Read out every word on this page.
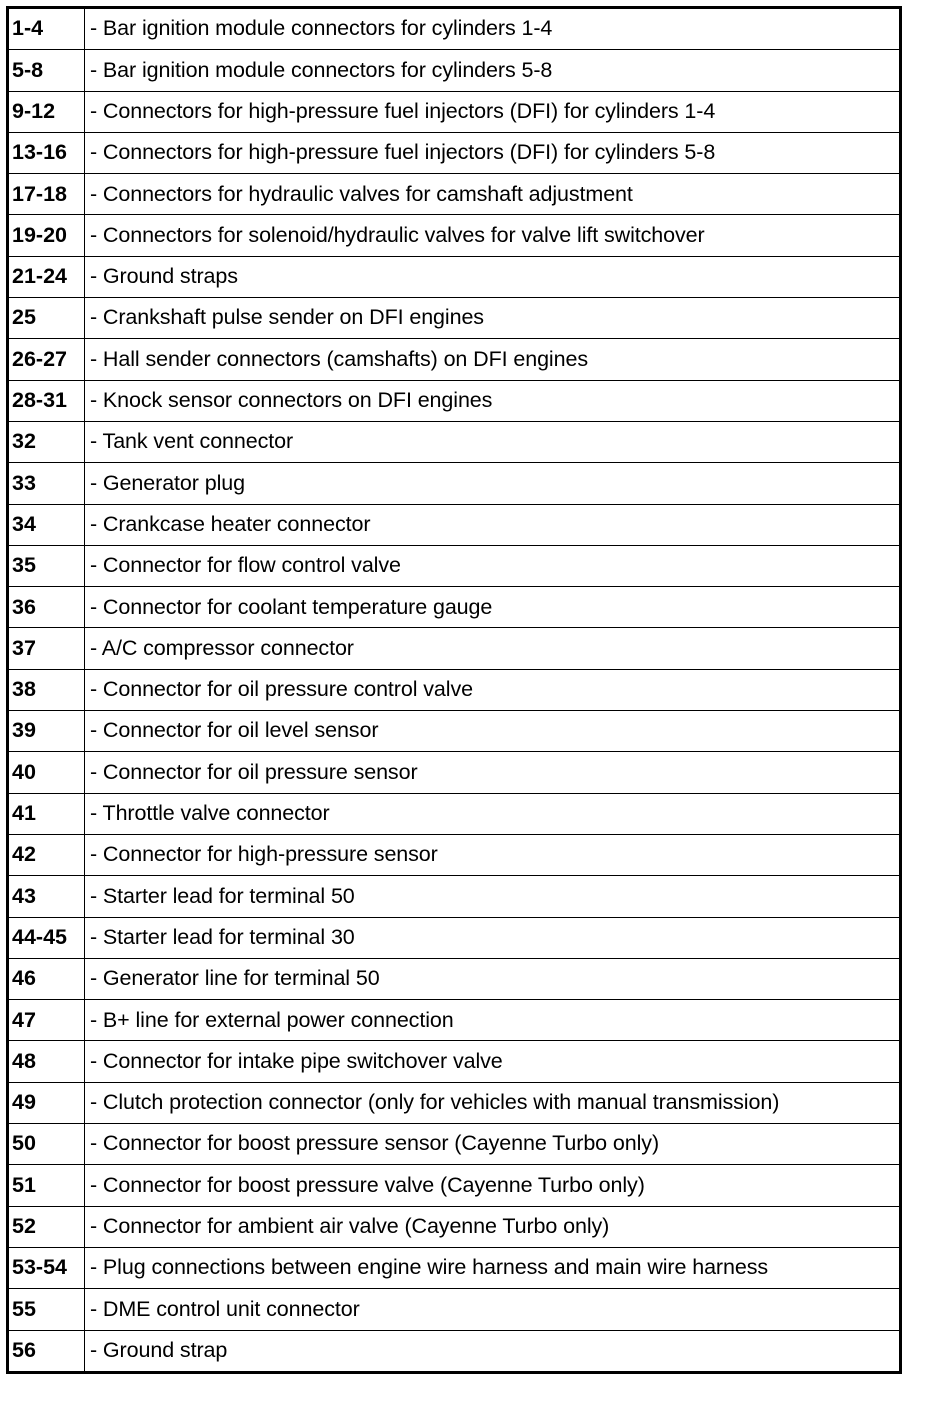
1-4	- Bar ignition module connectors for cylinders 1-4
5-8	- Bar ignition module connectors for cylinders 5-8
9-12	- Connectors for high-pressure fuel injectors (DFI) for cylinders 1-4
13-16	- Connectors for high-pressure fuel injectors (DFI) for cylinders 5-8
17-18	- Connectors for hydraulic valves for camshaft adjustment
19-20	- Connectors for solenoid/hydraulic valves for valve lift switchover
21-24	- Ground straps
25	- Crankshaft pulse sender on DFI engines
26-27	- Hall sender connectors (camshafts) on DFI engines
28-31	- Knock sensor connectors on DFI engines
32	- Tank vent connector
33	- Generator plug
34	- Crankcase heater connector
35	- Connector for flow control valve
36	- Connector for coolant temperature gauge
37	- A/C compressor connector
38	- Connector for oil pressure control valve
39	- Connector for oil level sensor
40	- Connector for oil pressure sensor
41	- Throttle valve connector
42	- Connector for high-pressure sensor
43	- Starter lead for terminal 50
44-45	- Starter lead for terminal 30
46	- Generator line for terminal 50
47	- B+ line for external power connection
48	- Connector for intake pipe switchover valve
49	- Clutch protection connector (only for vehicles with manual transmission)
50	- Connector for boost pressure sensor (Cayenne Turbo only)
51	- Connector for boost pressure valve (Cayenne Turbo only)
52	- Connector for ambient air valve (Cayenne Turbo only)
53-54	- Plug connections between engine wire harness and main wire harness
55	- DME control unit connector
56	- Ground strap
